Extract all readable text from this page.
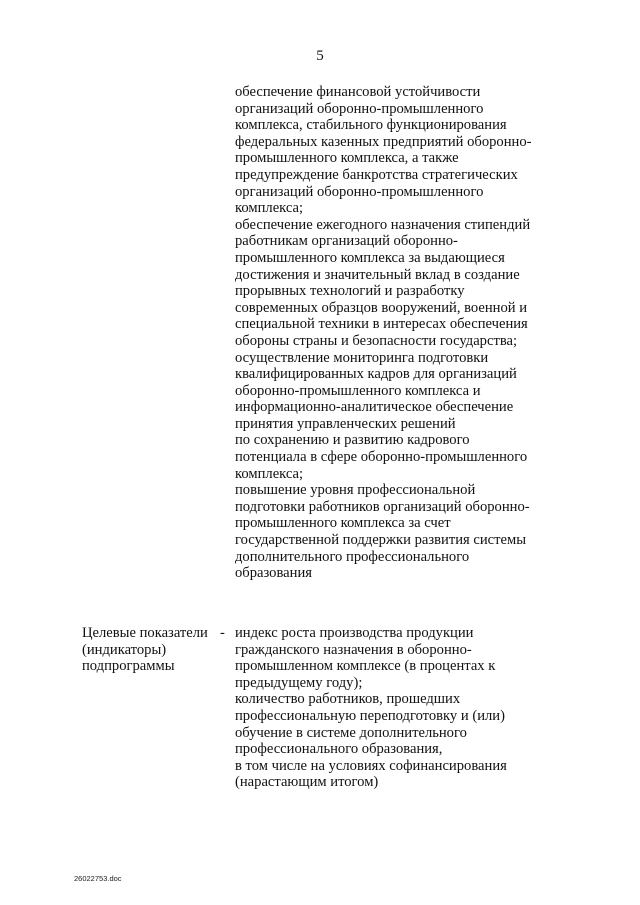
5
обеспечение финансовой устойчивости
организаций оборонно-промышленного
комплекса, стабильного функционирования
федеральных казенных предприятий оборонно-
промышленного комплекса, а также
предупреждение банкротства стратегических
организаций оборонно-промышленного
комплекса;
обеспечение ежегодного назначения стипендий
работникам организаций оборонно-
промышленного комплекса за выдающиеся
достижения и значительный вклад в создание
прорывных технологий и разработку
современных образцов вооружений, военной и
специальной техники в интересах обеспечения
обороны страны и безопасности государства;
осуществление мониторинга подготовки
квалифицированных кадров для организаций
оборонно-промышленного комплекса и
информационно-аналитическое обеспечение
принятия управленческих решений
по сохранению и развитию кадрового
потенциала в сфере оборонно-промышленного
комплекса;
повышение уровня профессиональной
подготовки работников организаций оборонно-
промышленного комплекса за счет
государственной поддержки развития системы
дополнительного профессионального
образования
Целевые показатели
(индикаторы)
подпрограммы
- индекс роста производства продукции
гражданского назначения в оборонно-
промышленном комплексе (в процентах к
предыдущему году);
количество работников, прошедших
профессиональную переподготовку и (или)
обучение в системе дополнительного
профессионального образования,
в том числе на условиях софинансирования
(нарастающим итогом)
26022753.doc
